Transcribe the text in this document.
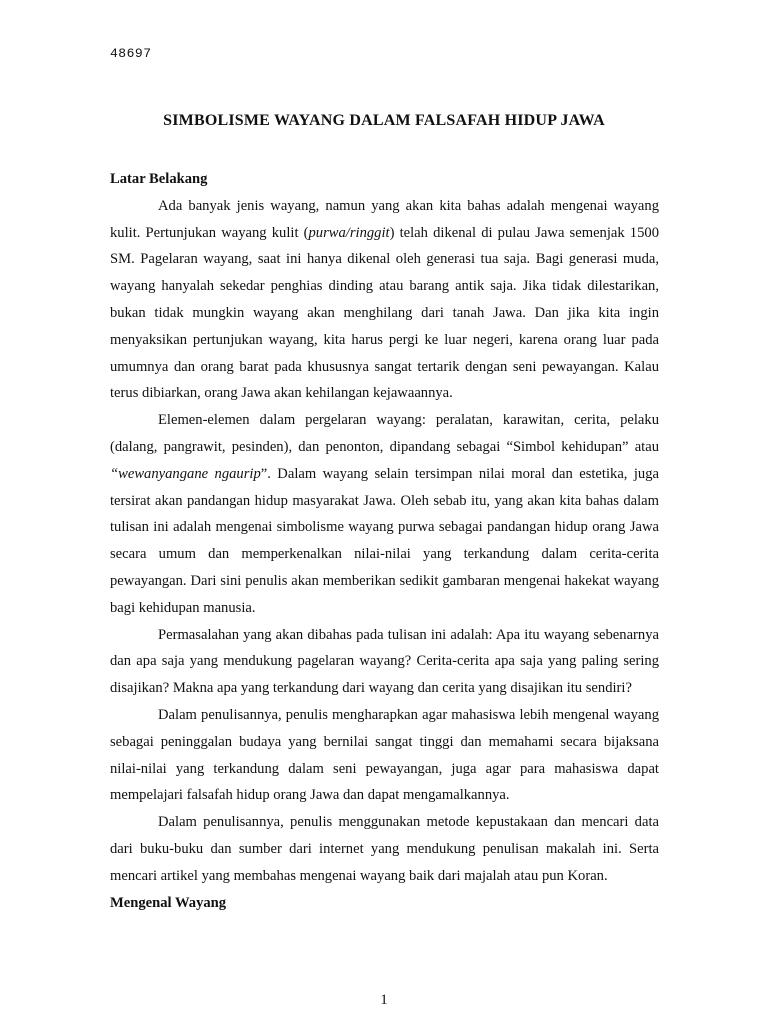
48697
SIMBOLISME WAYANG DALAM FALSAFAH HIDUP JAWA

Latar Belakang

Ada banyak jenis wayang, namun yang akan kita bahas adalah mengenai wayang kulit. Pertunjukan wayang kulit (purwa/ringgit) telah dikenal di pulau Jawa semenjak 1500 SM. Pagelaran wayang, saat ini hanya dikenal oleh generasi tua saja. Bagi generasi muda, wayang hanyalah sekedar penghias dinding atau barang antik saja. Jika tidak dilestarikan, bukan tidak mungkin wayang akan menghilang dari tanah Jawa. Dan jika kita ingin menyaksikan pertunjukan wayang, kita harus pergi ke luar negeri, karena orang luar pada umumnya dan orang barat pada khususnya sangat tertarik dengan seni pewayangan. Kalau terus dibiarkan, orang Jawa akan kehilangan kejawaannya.

Elemen-elemen dalam pergelaran wayang: peralatan, karawitan, cerita, pelaku (dalang, pangrawit, pesinden), dan penonton, dipandang sebagai “Simbol kehidupan” atau “wewanyangane ngaurip”. Dalam wayang selain tersimpan nilai moral dan estetika, juga tersirat akan pandangan hidup masyarakat Jawa. Oleh sebab itu, yang akan kita bahas dalam tulisan ini adalah mengenai simbolisme wayang purwa sebagai pandangan hidup orang Jawa secara umum dan memperkenalkan nilai-nilai yang terkandung dalam cerita-cerita pewayangan. Dari sini penulis akan memberikan sedikit gambaran mengenai hakekat wayang bagi kehidupan manusia.

Permasalahan yang akan dibahas pada tulisan ini adalah: Apa itu wayang sebenarnya dan apa saja yang mendukung pagelaran wayang? Cerita-cerita apa saja yang paling sering disajikan? Makna apa yang terkandung dari wayang dan cerita yang disajikan itu sendiri?

Dalam penulisannya, penulis mengharapkan agar mahasiswa lebih mengenal wayang sebagai peninggalan budaya yang bernilai sangat tinggi dan memahami secara bijaksana nilai-nilai yang terkandung dalam seni pewayangan, juga agar para mahasiswa dapat mempelajari falsafah hidup orang Jawa dan dapat mengamalkannya.

Dalam penulisannya, penulis menggunakan metode kepustakaan dan mencari data dari buku-buku dan sumber dari internet yang mendukung penulisan makalah ini. Serta mencari artikel yang membahas mengenai wayang baik dari majalah atau pun Koran.

Mengenal Wayang

1
